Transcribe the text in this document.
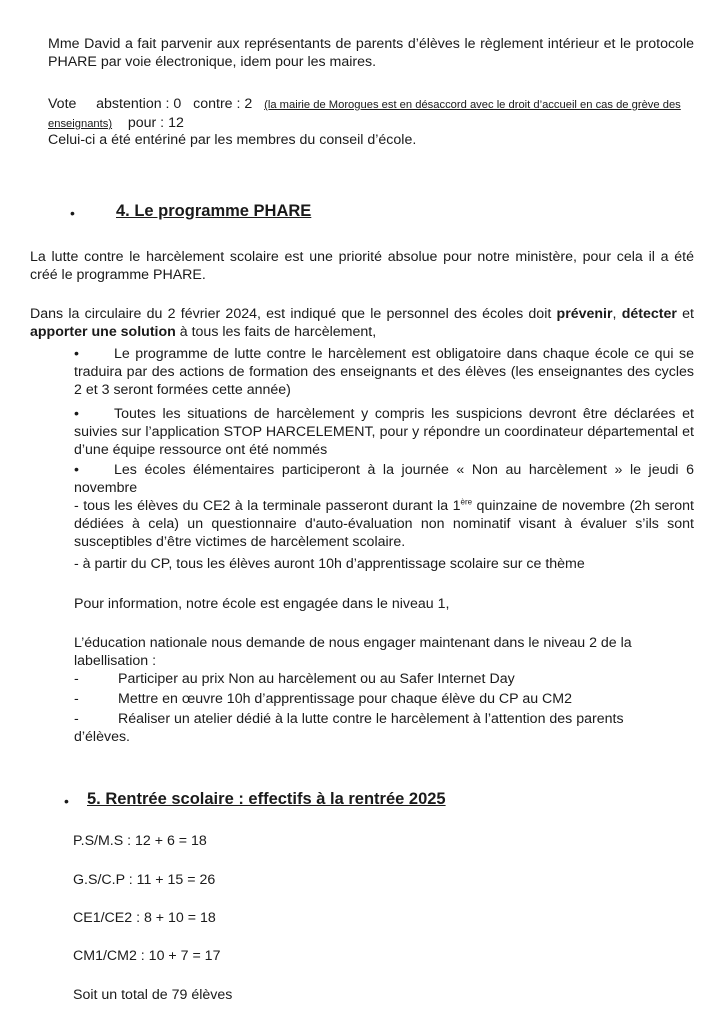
Mme David a fait parvenir aux représentants de parents d’élèves le règlement intérieur et le protocole PHARE par voie électronique, idem pour les maires.

Vote abstention : 0 contre : 2 (la mairie de Morogues est en désaccord avec le droit d’accueil en cas de grève des enseignants) pour : 12

Celui-ci a été entériné par les membres du conseil d’école.

• 4. Le programme PHARE

La lutte contre le harcèlement scolaire est une priorité absolue pour notre ministère, pour cela il a été créé le programme PHARE.

Dans la circulaire du 2 février 2024, est indiqué que le personnel des écoles doit prévenir, détecter et apporter une solution à tous les faits de harcèlement,

• Le programme de lutte contre le harcèlement est obligatoire dans chaque école ce qui se traduira par des actions de formation des enseignants et des élèves (les enseignantes des cycles 2 et 3 seront formées cette année)

• Toutes les situations de harcèlement y compris les suspicions devront être déclarées et suivies sur l’application STOP HARCELEMENT, pour y répondre un coordinateur départemental et d’une équipe ressource ont été nommés

• Les écoles élémentaires participeront à la journée « Non au harcèlement » le jeudi 6 novembre

- tous les élèves du CE2 à la terminale passeront durant la 1ère quinzaine de novembre (2h seront dédiées à cela) un questionnaire d'auto-évaluation non nominatif visant à évaluer s’ils sont susceptibles d’être victimes de harcèlement scolaire.

- à partir du CP, tous les élèves auront 10h d’apprentissage scolaire sur ce thème

Pour information, notre école est engagée dans le niveau 1,

L’éducation nationale nous demande de nous engager maintenant dans le niveau 2 de la labellisation :

-	Participer au prix Non au harcèlement ou au Safer Internet Day

-	Mettre en œuvre 10h d’apprentissage pour chaque élève du CP au CM2

-	Réaliser un atelier dédié à la lutte contre le harcèlement à l’attention des parents d’élèves.

• 5. Rentrée scolaire : effectifs à la rentrée 2025

P.S/M.S : 12 + 6 = 18

G.S/C.P : 11 + 15 = 26

CE1/CE2 : 8 + 10 = 18

CM1/CM2 : 10 + 7 = 17

Soit un total de 79 élèves
